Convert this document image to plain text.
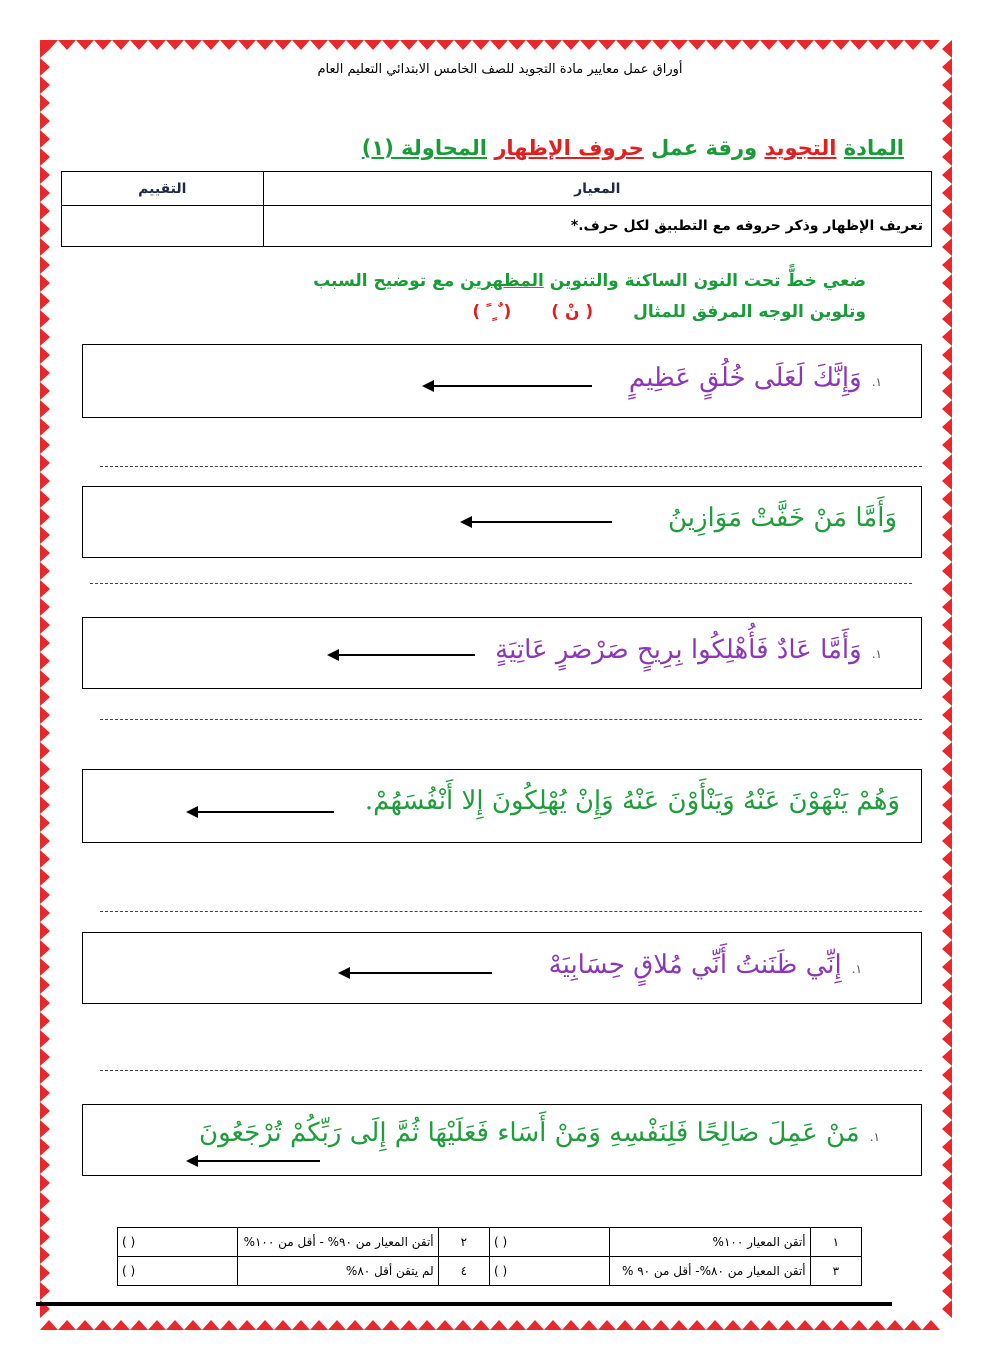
أوراق عمل معايير مادة التجويد للصف الخامس الابتدائي التعليم العام
المادة التجويد ورقة عمل حروف الإظهار المحاولة (١)
المعيار	التقييم
تعريف الإظهار وذكر حروفه مع التطبيق لكل حرف.*	
ضعي خطًّ تحت النون الساكنة والتنوين المظهرين مع توضيح السبب
وتلوين الوجه المرفق للمثال( نْ )( ٌ ٍ ً )
١.وَإِنَّكَ لَعَلَى خُلُقٍ عَظِيمٍ
وَأَمَّا مَنْ خَفَّتْ مَوَازِينُ
١.وَأَمَّا عَادٌ فَأُهْلِكُوا بِرِيحٍ صَرْصَرٍ عَاتِيَةٍ
وَهُمْ يَنْهَوْنَ عَنْهُ وَيَنْأَوْنَ عَنْهُ وَإِنْ يُهْلِكُونَ إِلا أَنْفُسَهُمْ.
١.إِنِّي ظَنَنتُ أَنِّي مُلاقٍ حِسَابِيَهْ
١.مَنْ عَمِلَ صَالِحًا فَلِنَفْسِهِ وَمَنْ أَسَاء فَعَلَيْهَا ثُمَّ إِلَى رَبِّكُمْ تُرْجَعُونَ
١	أتقن المعيار ١٠٠%	( )	٢	أتقن المعيار من ٩٠% - أقل من ١٠٠%	( )
٣	أتقن المعيار من ٨٠%- أقل من ٩٠ %	( )	٤	لم يتقن أقل ٨٠%	( )
